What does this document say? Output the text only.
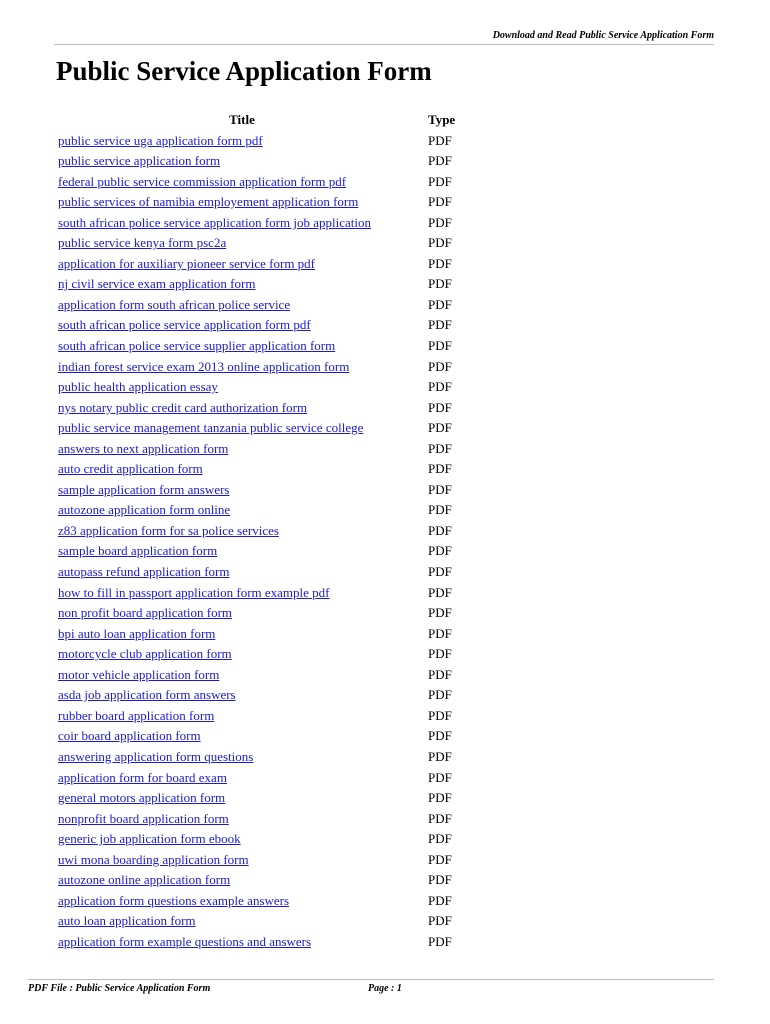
Download and Read Public Service Application Form
Public Service Application Form
Title	Type
public service uga application form pdf	PDF
public service application form	PDF
federal public service commission application form pdf	PDF
public services of namibia employement application form	PDF
south african police service application form job application	PDF
public service kenya form psc2a	PDF
application for auxiliary pioneer service form pdf	PDF
nj civil service exam application form	PDF
application form south african police service	PDF
south african police service application form pdf	PDF
south african police service supplier application form	PDF
indian forest service exam 2013 online application form	PDF
public health application essay	PDF
nys notary public credit card authorization form	PDF
public service management tanzania public service college	PDF
answers to next application form	PDF
auto credit application form	PDF
sample application form answers	PDF
autozone application form online	PDF
z83 application form for sa police services	PDF
sample board application form	PDF
autopass refund application form	PDF
how to fill in passport application form example pdf	PDF
non profit board application form	PDF
bpi auto loan application form	PDF
motorcycle club application form	PDF
motor vehicle application form	PDF
asda job application form answers	PDF
rubber board application form	PDF
coir board application form	PDF
answering application form questions	PDF
application form for board exam	PDF
general motors application form	PDF
nonprofit board application form	PDF
generic job application form ebook	PDF
uwi mona boarding application form	PDF
autozone online application form	PDF
application form questions example answers	PDF
auto loan application form	PDF
application form example questions and answers	PDF
PDF File : Public Service Application Form	Page : 1
